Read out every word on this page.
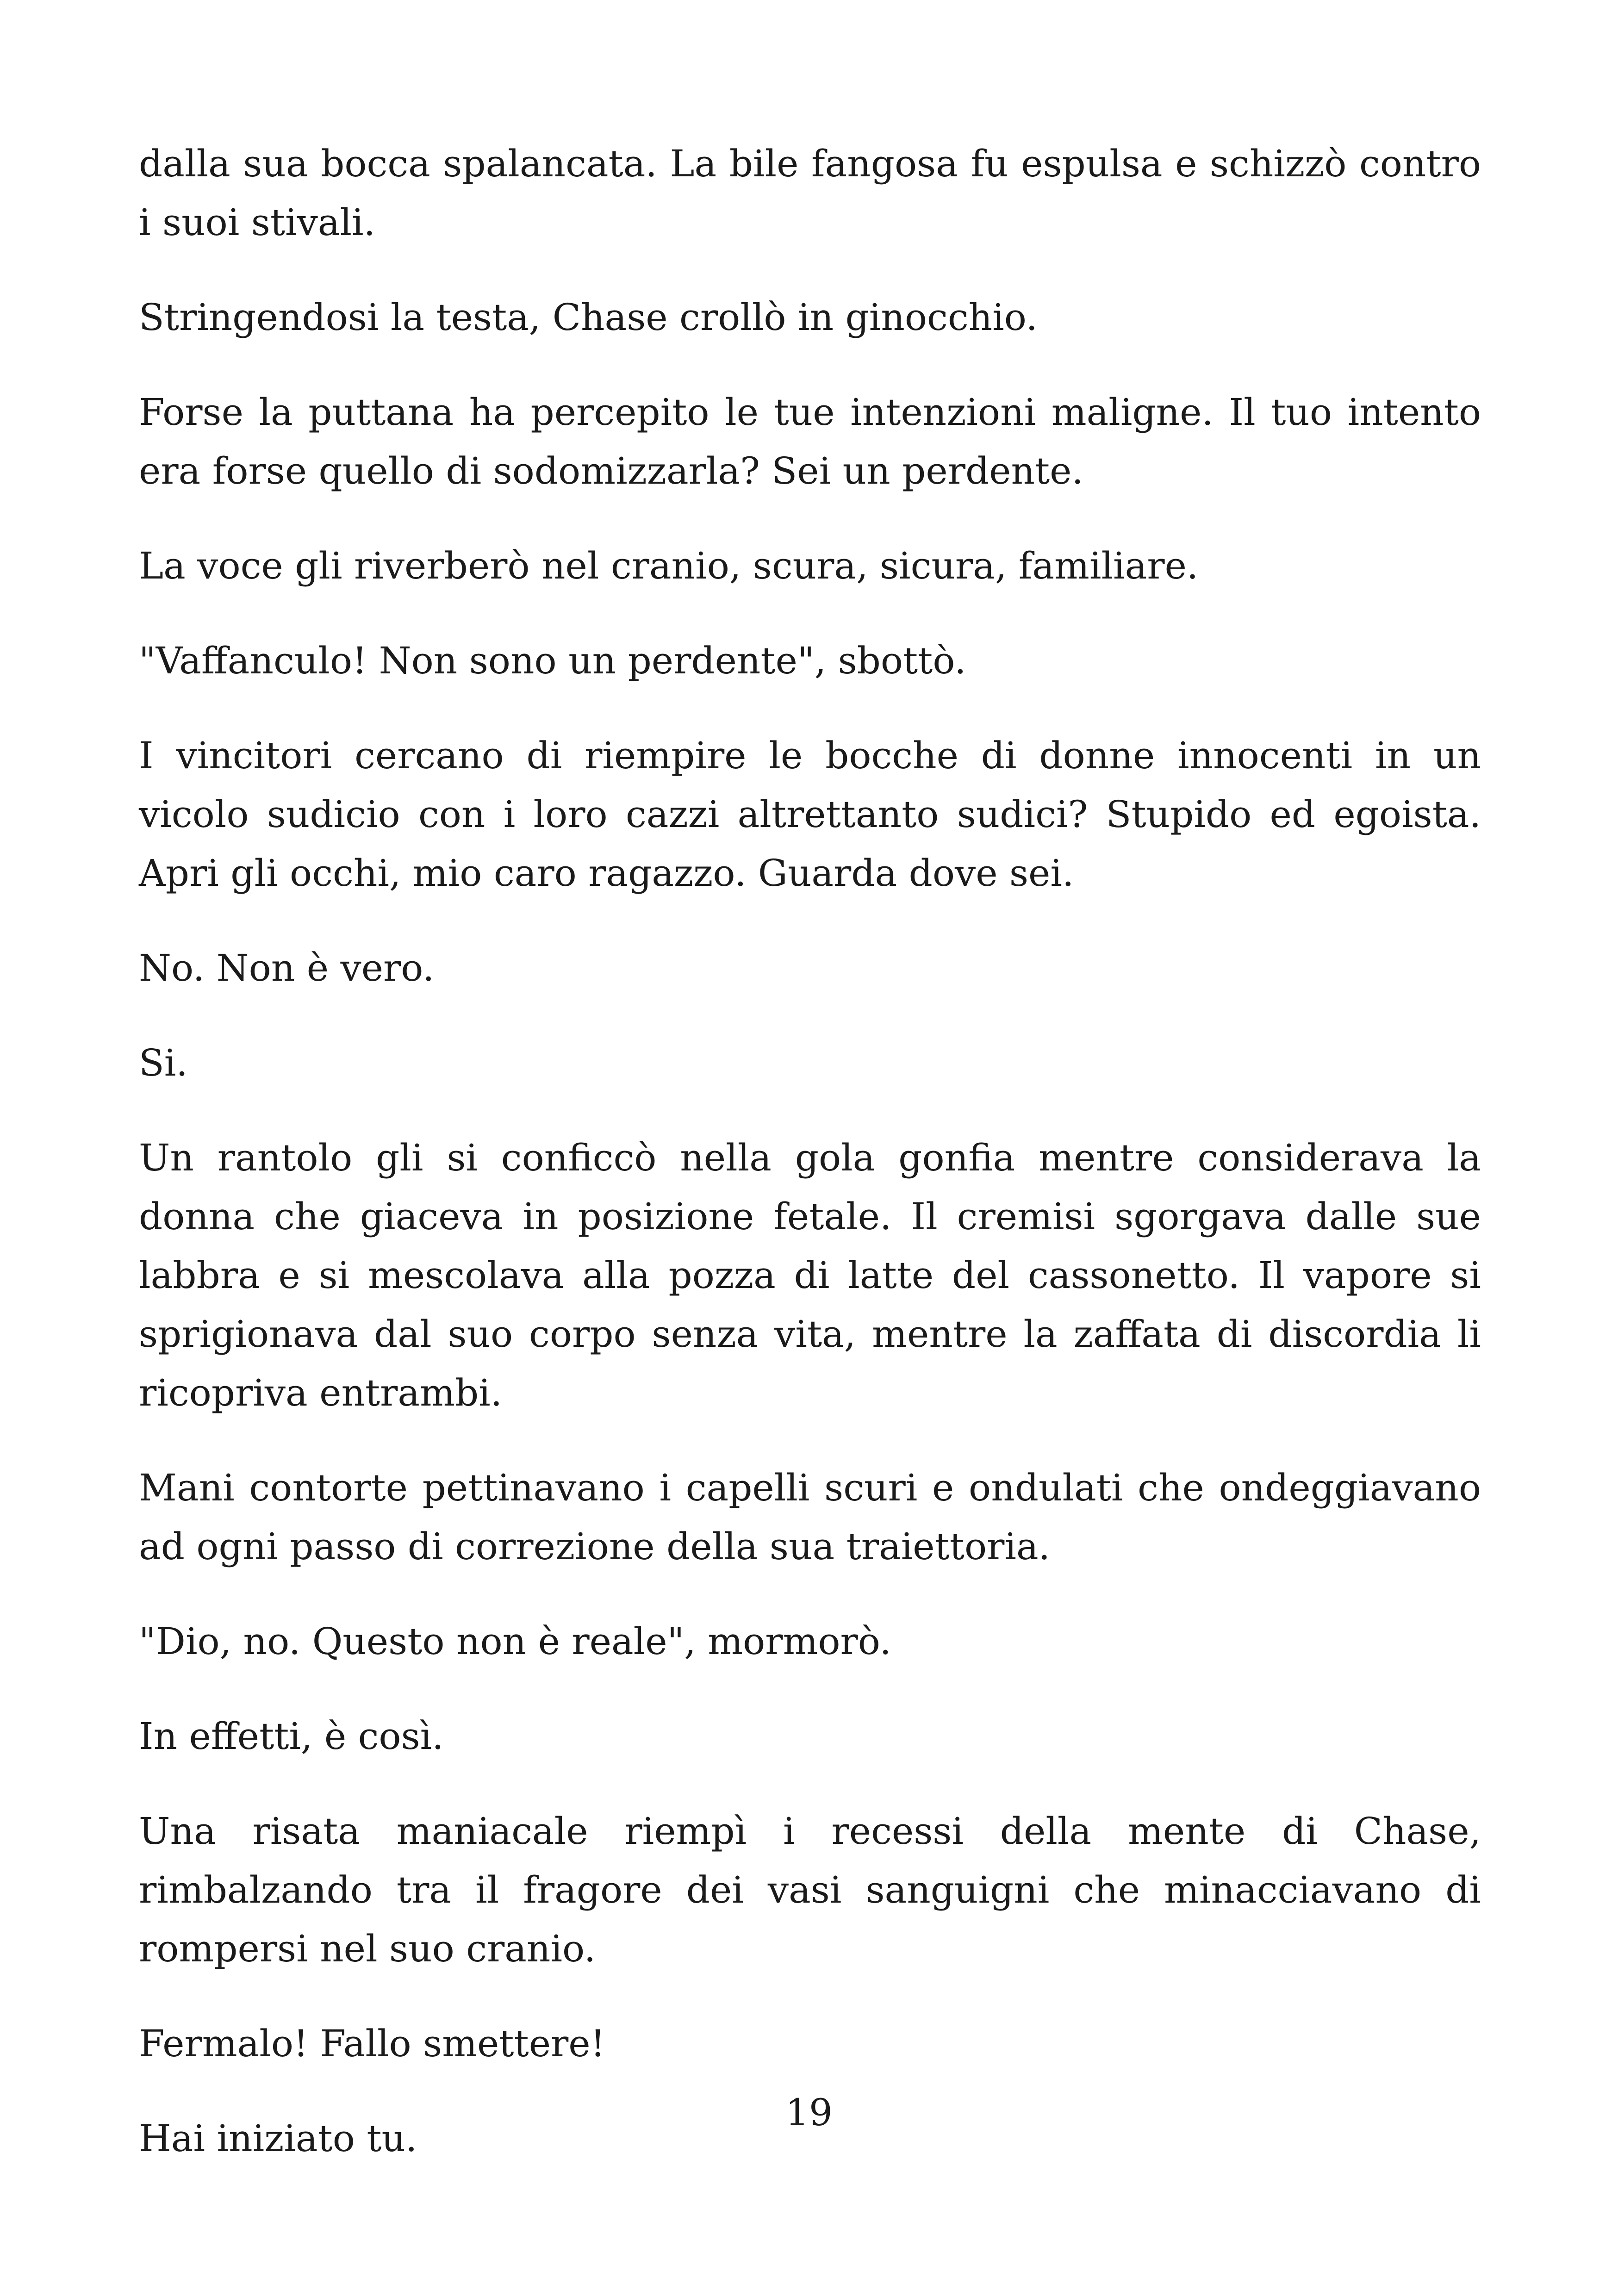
dalla sua bocca spalancata. La bile fangosa fu espulsa e schizzò contro i suoi stivali.

Stringendosi la testa, Chase crollò in ginocchio.

Forse la puttana ha percepito le tue intenzioni maligne. Il tuo intento era forse quello di sodomizzarla? Sei un perdente.

La voce gli riverberò nel cranio, scura, sicura, familiare.

"Vaffanculo! Non sono un perdente", sbottò.

I vincitori cercano di riempire le bocche di donne innocenti in un vicolo sudicio con i loro cazzi altrettanto sudici? Stupido ed egoista. Apri gli occhi, mio caro ragazzo. Guarda dove sei.

No. Non è vero.

Si.

Un rantolo gli si conficcò nella gola gonfia mentre considerava la donna che giaceva in posizione fetale. Il cremisi sgorgava dalle sue labbra e si mescolava alla pozza di latte del cassonetto. Il vapore si sprigionava dal suo corpo senza vita, mentre la zaffata di discordia li ricopriva entrambi.

Mani contorte pettinavano i capelli scuri e ondulati che ondeggiavano ad ogni passo di correzione della sua traiettoria.

"Dio, no. Questo non è reale", mormorò.

In effetti, è così.

Una risata maniacale riempì i recessi della mente di Chase, rimbalzando tra il fragore dei vasi sanguigni che minacciavano di rompersi nel suo cranio.

Fermalo! Fallo smettere!

Hai iniziato tu.

19
